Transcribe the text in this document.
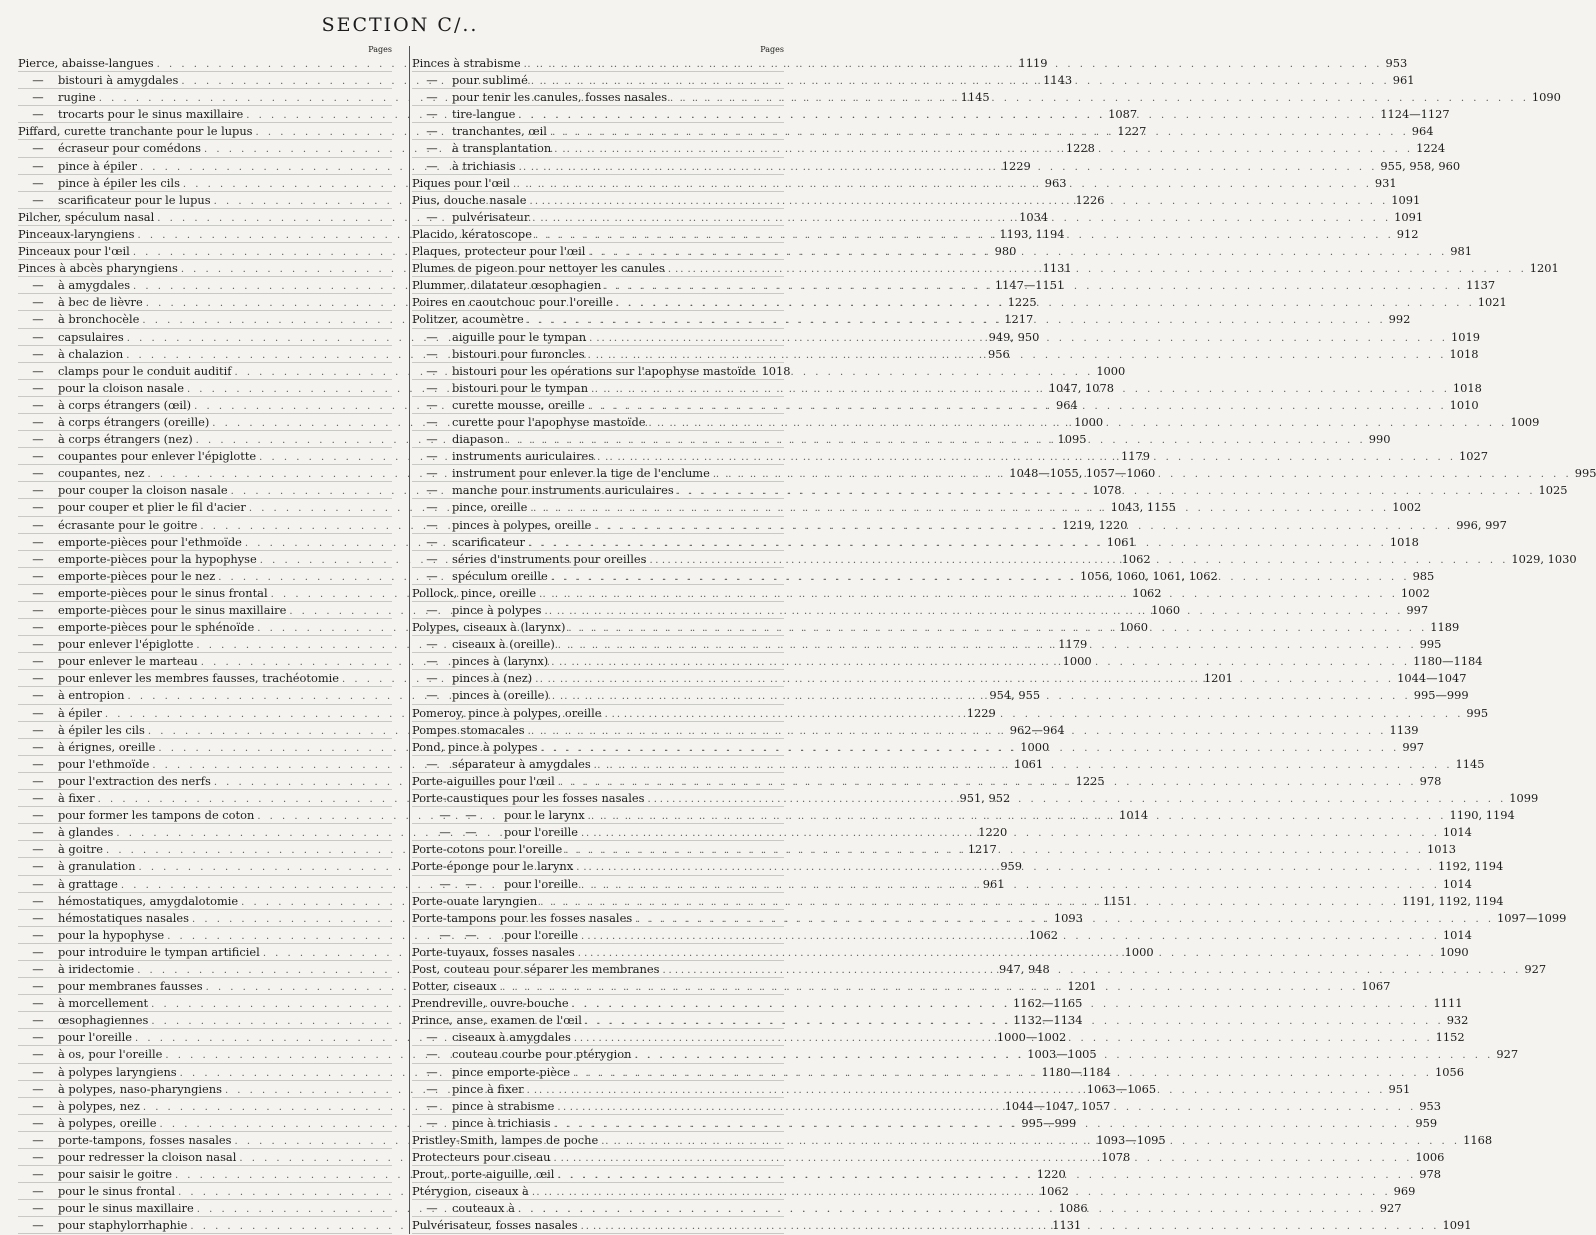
SECTION C/..
Pages
Pierce, abaisse-langues . . .	1119
—	bistouri à amygdales . . .	1143
—	rugine . . .	1145
—	trocarts pour le sinus maxillaire . . .	1087
Piffard, curette tranchante pour le lupus . . .	1227
—	écraseur pour comédons . . .	1228
—	pince à épiler . . .	1229
—	pince à épiler les cils . . .	963
—	scarificateur pour le lupus . . .	1226
Pilcher, spéculum nasal . . .	1034
Pinceaux-laryngiens . . .	1193, 1194
Pinceaux pour l'œil . . .	980
Pinces à abcès pharyngiens . . .	1131
—	à amygdales . . .	1147—1151
—	à bec de lièvre . . .	1225
—	à bronchocèle . . .	1217
—	capsulaires . . .	949, 950
—	à chalazion . . .	956
—	clamps pour le conduit auditif . . .	1000
—	pour la cloison nasale . . .	1047, 1078
—	à corps étrangers (œil) . . .	964
—	à corps étrangers (oreille) . . .	1000
—	à corps étrangers (nez) . . .	1095
—	coupantes pour enlever l'épiglotte . . .	1179
—	coupantes, nez . . .	1048—1055, 1057—1060
—	pour couper la cloison nasale . . .	1078
—	pour couper et plier le fil d'acier . . .	1043, 1155
—	écrasante pour le goitre . . .	1219, 1220
—	emporte-pièces pour l'ethmoïde . . .	1061
—	emporte-pièces pour la hypophyse . . .	1062
—	emporte-pièces pour le nez . . .	1056, 1060, 1061, 1062
—	emporte-pièces pour le sinus frontal . . .	1062
—	emporte-pièces pour le sinus maxillaire . . .	1060
—	emporte-pièces pour le sphénoïde . . .	1060
—	pour enlever l'épiglotte . . .	1179
—	pour enlever le marteau . . .	1000
—	pour enlever les membres fausses, trachéotomie . . .	1201
—	à entropion . . .	954, 955
—	à épiler . . .	1229
—	à épiler les cils . . .	962—964
—	à érignes, oreille . . .	1000
—	pour l'ethmoïde . . .	1061
—	pour l'extraction des nerfs . . .	1225
—	à fixer . . .	951, 952
—	pour former les tampons de coton . . .	1014
—	à glandes . . .	1220
—	à goitre . . .	1217
—	à granulation . . .	959
—	à grattage . . .	961
—	hémostatiques, amygdalotomie . . .	1151
—	hémostatiques nasales . . .	1093
—	pour la hypophyse . . .	1062
—	pour introduire le tympan artificiel . . .	1000
—	à iridectomie . . .	947, 948
—	pour membranes fausses . . .	1201
—	à morcellement . . .	1162—1165
—	œsophagiennes . . .	1132—1134
—	pour l'oreille . . .	1000—1002
—	à os, pour l'oreille . . .	1003—1005
—	à polypes laryngiens . . .	1180—1184
—	à polypes, naso-pharyngiens . . .	1063—1065
—	à polypes, nez . . .	1044—1047, 1057
—	à polypes, oreille . . .	995—999
—	porte-tampons, fosses nasales . . .	1093—1095
—	pour redresser la cloison nasal . . .	1078
—	pour saisir le goitre . . .	1220
—	pour le sinus frontal . . .	1062
—	pour le sinus maxillaire . . .	1086
—	pour staphylorrhaphie . . .	1131
Pages
Pinces à strabisme . . .	953
—	pour sublimé . . .	961
—	pour tenir les canules, fosses nasales . . .	1090
—	tire-langue . . .	1124—1127
—	tranchantes, œil . . .	964
—	à transplantation . . .	1224
—	à trichiasis . . .	955, 958, 960
Piques pour l'œil . . .	931
Pius, douche nasale . . .	1091
—	pulvérisateur . . .	1091
Placido, kératoscope . . .	912
Plaques, protecteur pour l'œil . . .	981
Plumes de pigeon pour nettoyer les canules . . .	1201
Plummer, dilatateur œsophagien . . .	1137
Poires en caoutchouc pour l'oreille . . .	1021
Politzer, acoumètre . . .	992
—	aiguille pour le tympan . . .	1019
—	bistouri pour furoncles . . .	1018
—	bistouri pour les opérations sur l'apophyse mastoïde 1018
—	bistouri pour le tympan . . .	1018
—	curette mousse, oreille . . .	1010
—	curette pour l'apophyse mastoïde . . .	1009
—	diapason . . .	990
—	instruments auriculaires . . .	1027
—	instrument pour enlever la tige de l'enclume . . .	995
—	manche pour instruments auriculaires . . .	1025
—	pince, oreille . . .	1002
—	pinces à polypes, oreille . . .	996, 997
—	scarificateur . . .	1018
—	séries d'instruments pour oreilles . . .	1029, 1030
—	spéculum oreille . . .	985
Pollock, pince, oreille . . .	1002
—	pince à polypes . . .	997
Polypes, ciseaux à (larynx) . . .	1189
—	ciseaux à (oreille) . . .	995
—	pinces à (larynx) . . .	1180—1184
—	pinces à (nez) . . .	1044—1047
—	pinces à (oreille) . . .	995—999
Pomeroy, pince à polypes, oreille . . .	995
Pompes stomacales . . .	1139
Pond, pince à polypes . . .	997
—	séparateur à amygdales . . .	1145
Porte-aiguilles pour l'œil . . .	978
Porte-caustiques pour les fosses nasales . . .	1099
—    —	pour le larynx . . .	1190, 1194
—    —	pour l'oreille . . .	1014
Porte-cotons pour l'oreille . . .	1013
Porte-éponge pour le larynx . . .	1192, 1194
—    —	pour l'oreille . . .	1014
Porte-ouate laryngien . . .	1191, 1192, 1194
Porte-tampons pour les fosses nasales . . .	1097—1099
—    —	pour l'oreille . . .	1014
Porte-tuyaux, fosses nasales . . .	1090
Post, couteau pour séparer les membranes . . .	927
Potter, ciseaux . . .	1067
Prendreville, ouvre-bouche . . .	1111
Prince, anse, examen de l'œil . . .	932
—	ciseaux à amygdales . . .	1152
—	couteau courbe pour ptérygion . . .	927
—	pince emporte-pièce . . .	1056
—	pince à fixer . . .	951
—	pince à strabisme . . .	953
—	pince à trichiasis . . .	959
Pristley-Smith, lampes de poche . . .	1168
Protecteurs pour ciseau . . .	1006
Prout, porte-aiguille, œil . . .	978
Ptérygion, ciseaux à . . .	969
—	couteaux à . . .	927
Pulvérisateur, fosses nasales . . .	1091
